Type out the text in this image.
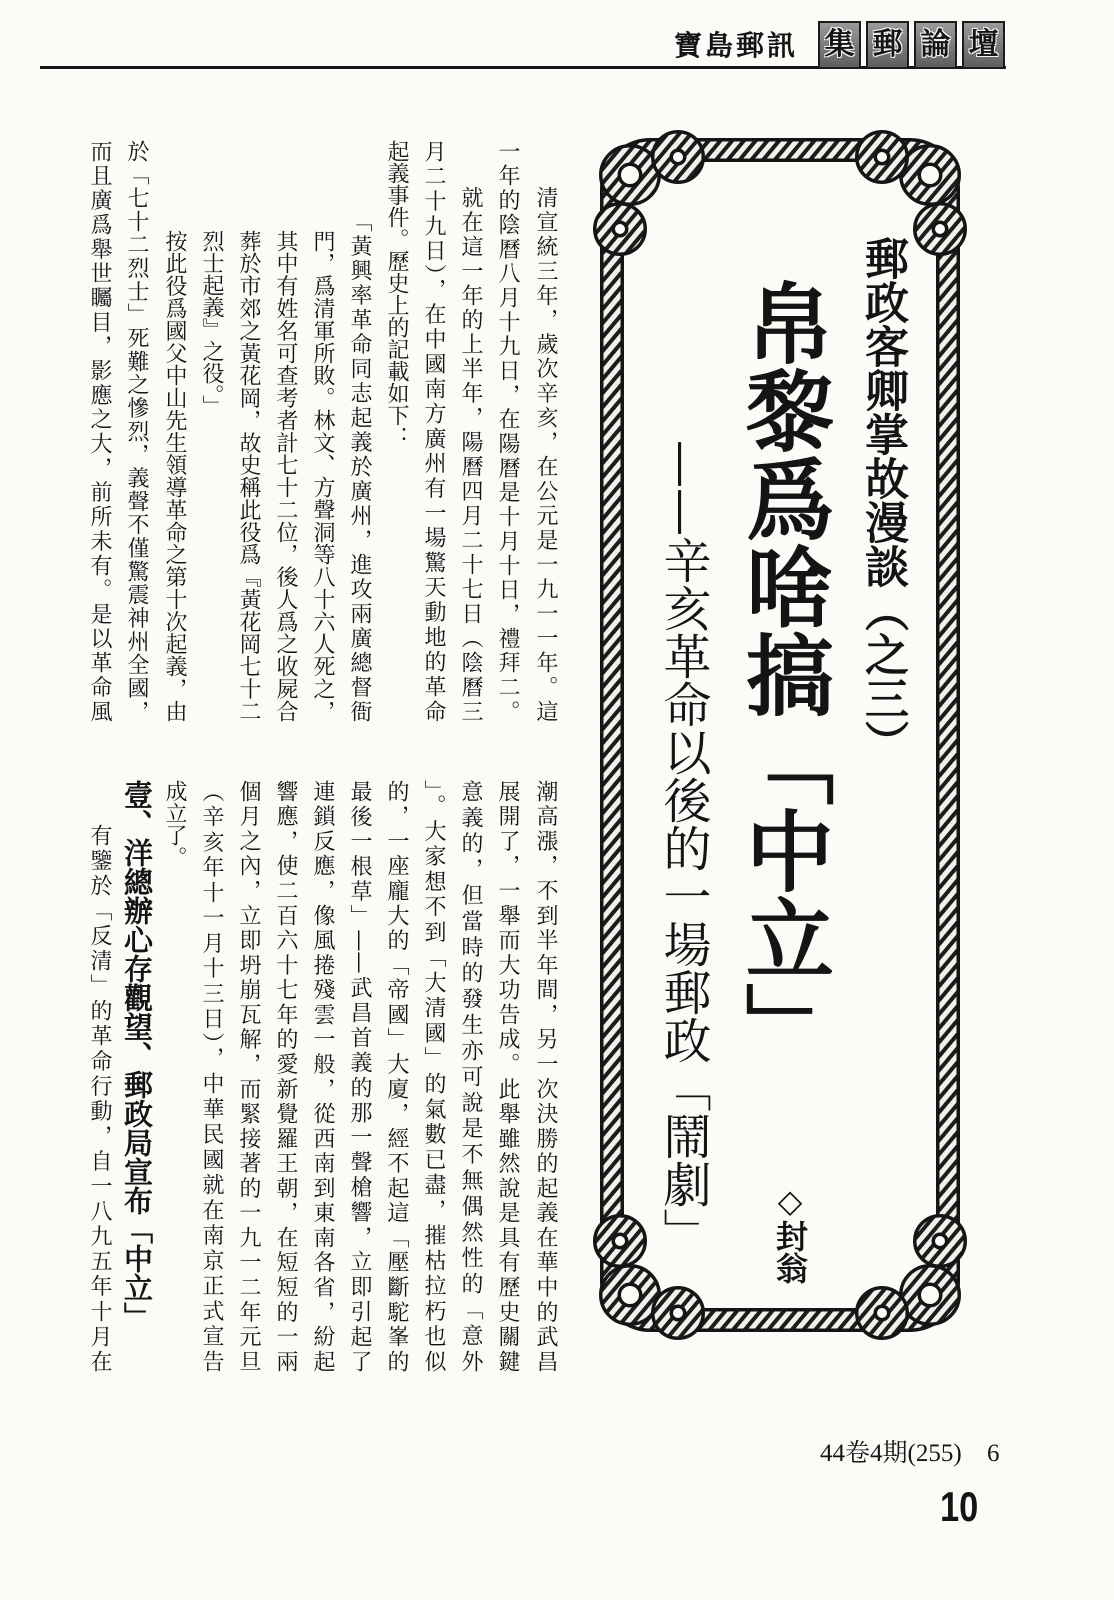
寶島郵訊 集 郵 論 壇
郵政客卿掌故漫談（之三）
帛黎爲啥搞「中立」
——辛亥革命以後的一場郵政「鬧劇」 ◇封翁
清宣統三年，歲次辛亥，在公元是一九一一年。這
一年的陰曆八月十九日，在陽曆是十月十日，禮拜二。
就在這一年的上半年，陽曆四月二十七日（陰曆三
月二十九日），在中國南方廣州有一場驚天動地的革命
起義事件。歷史上的記載如下：
「黃興率革命同志起義於廣州，進攻兩廣總督衙
門，爲清軍所敗。林文、方聲洞等八十六人死之，
其中有姓名可查考者計七十二位，後人爲之收屍合
葬於市郊之黃花岡，故史稱此役爲『黃花岡七十二
烈士起義』之役。」
按此役爲國父中山先生領導革命之第十次起義，由
於「七十二烈士」死難之慘烈，義聲不僅驚震神州全國，
而且廣爲舉世矚目，影應之大，前所未有。是以革命風
潮高漲，不到半年間，另一次決勝的起義在華中的武昌
展開了，一舉而大功告成。此舉雖然說是具有歷史關鍵
意義的，但當時的發生亦可說是不無偶然性的「意外
」。大家想不到「大清國」的氣數已盡，摧枯拉朽也似
的，一座龐大的「帝國」大廈，經不起這「壓斷駝峯的
最後一根草」——武昌首義的那一聲槍響，立即引起了
連鎖反應，像風捲殘雲一般，從西南到東南各省，紛起
響應，使二百六十七年的愛新覺羅王朝，在短短的一兩
個月之內，立即坍崩瓦解，而緊接著的一九一二年元旦
（辛亥年十一月十三日），中華民國就在南京正式宣告
成立了。
壹、洋總辦心存觀望、郵政局宣布「中立」
有鑒於「反清」的革命行動，自一八九五年十月在
44卷4期(255) 6
10
